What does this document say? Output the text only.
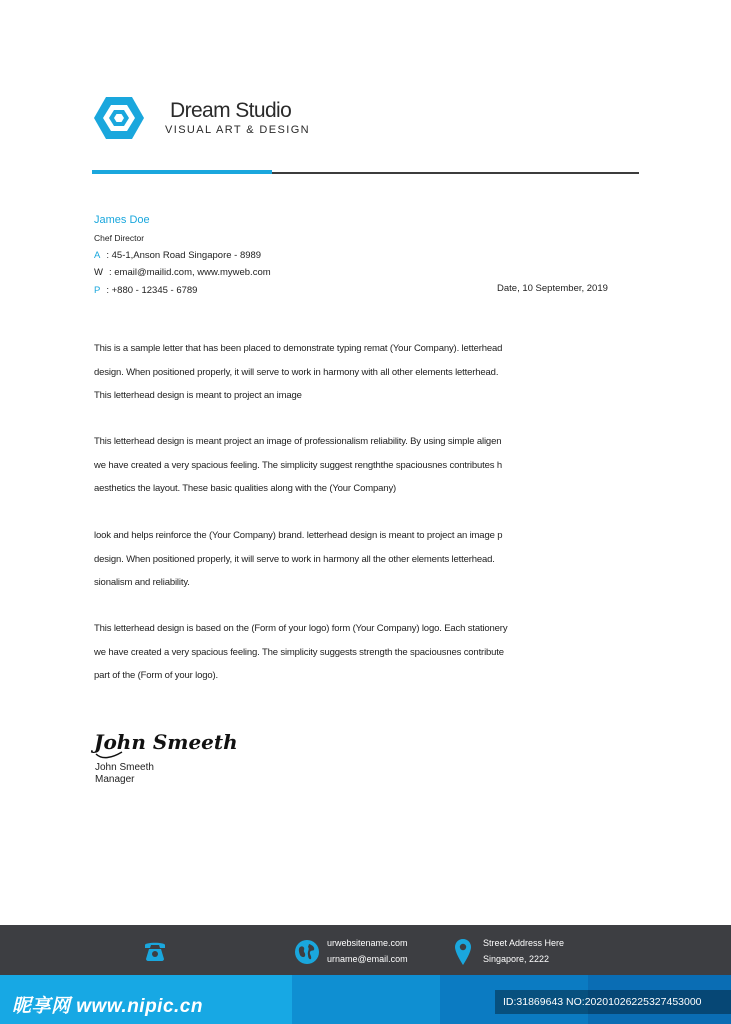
Dream Studio
VISUAL ART & DESIGN
James Doe
Chef Director
A : 45-1,Anson Road Singapore - 8989
W : email@mailid.com, www.myweb.com
P : +880 - 12345 - 6789	Date, 10 September, 2019
This is a sample letter that has been placed to demonstrate typing remat (Your Company). letterhead
design. When positioned properly, it will serve to work in harmony with all other elements letterhead.
This letterhead design is meant to project an image
This letterhead design is meant project an image of professionalism reliability. By using simple aligen
we have created a very spacious feeling. The simplicity suggest rengththe spaciousnes contributes h
aesthetics the layout. These basic qualities along with the (Your Company)
look and helps reinforce the (Your Company) brand. letterhead design is meant to project an image p
design. When positioned properly, it will serve to work in harmony all the other elements letterhead.
sionalism and reliability.
This letterhead design is based on the (Form of your logo) form (Your Company) logo. Each stationery
we have created a very spacious feeling. The simplicity suggests strength the spaciousnes contribute
part of the (Form of your logo).
John Smeeth
John Smeeth
Manager
urwebsitename.com
urname@email.com
Street Address Here
Singapore, 2222
昵享网 www.nipic.cn	ID:31869643 NO:20201026225327453000
